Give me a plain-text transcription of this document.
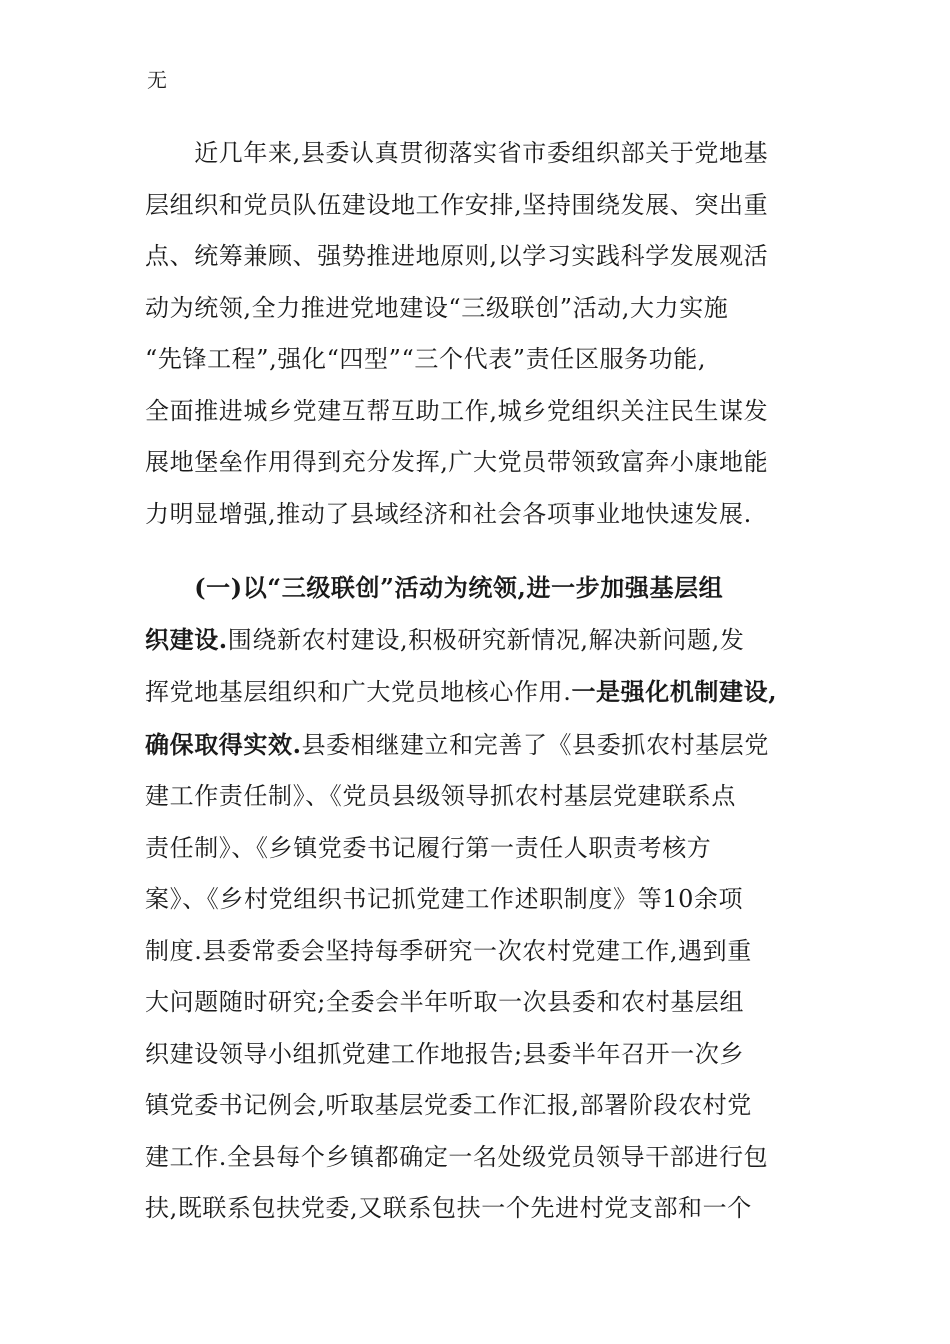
无
　　近几年来,县委认真贯彻落实省市委组织部关于党地基
层组织和党员队伍建设地工作安排,坚持围绕发展、突出重
点、统筹兼顾、强势推进地原则,以学习实践科学发展观活
动为统领,全力推进党地建设“三级联创”活动,大力实施
“先锋工程”,强化“四型”“三个代表”责任区服务功能,
全面推进城乡党建互帮互助工作,城乡党组织关注民生谋发
展地堡垒作用得到充分发挥,广大党员带领致富奔小康地能
力明显增强,推动了县域经济和社会各项事业地快速发展.
　　(一)以“三级联创”活动为统领,进一步加强基层组
织建设.围绕新农村建设,积极研究新情况,解决新问题,发
挥党地基层组织和广大党员地核心作用.一是强化机制建设,
确保取得实效.县委相继建立和完善了《县委抓农村基层党
建工作责任制》、《党员县级领导抓农村基层党建联系点
责任制》、《乡镇党委书记履行第一责任人职责考核方
案》、《乡村党组织书记抓党建工作述职制度》等10余项
制度.县委常委会坚持每季研究一次农村党建工作,遇到重
大问题随时研究;全委会半年听取一次县委和农村基层组
织建设领导小组抓党建工作地报告;县委半年召开一次乡
镇党委书记例会,听取基层党委工作汇报,部署阶段农村党
建工作.全县每个乡镇都确定一名处级党员领导干部进行包
扶,既联系包扶党委,又联系包扶一个先进村党支部和一个
